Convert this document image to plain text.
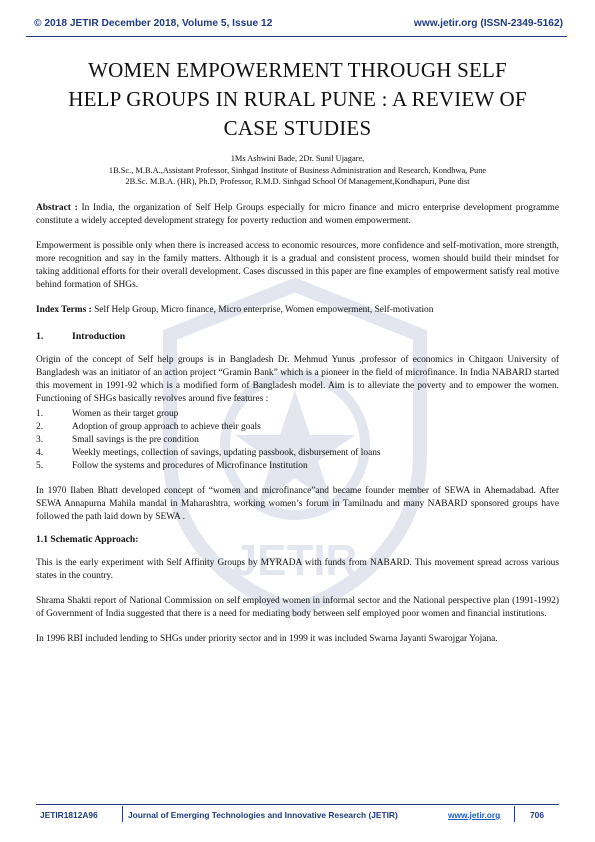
© 2018 JETIR December 2018, Volume 5, Issue 12	www.jetir.org (ISSN-2349-5162)
JETIR
WOMEN EMPOWERMENT THROUGH SELF
HELP GROUPS IN RURAL PUNE : A REVIEW OF
CASE STUDIES
1Ms Ashwini Bade, 2Dr. Sunil Ujagare,
1B.Sc., M.B.A.,Assistant Professor, Sinhgad Institute of Business Administration and Research, Kondhwa, Pune
2B.Sc. M.B.A. (HR), Ph.D, Professor, R.M.D. Sinhgad School Of Management,Kondhapuri, Pune dist

Abstract : In India, the organization of Self Help Groups especially for micro finance and micro enterprise development programme constitute a widely accepted development strategy for poverty reduction and women empowerment.

Empowerment is possible only when there is increased access to economic resources, more confidence and self-motivation, more strength, more recognition and say in the family matters. Although it is a gradual and consistent process, women should build their mindset for taking additional efforts for their overall development. Cases discussed in this paper are fine examples of empowerment satisfy real motive behind formation of SHGs.

Index Terms : Self Help Group, Micro finance, Micro enterprise, Women empowerment, Self-motivation

1.	Introduction

Origin of the concept of Self help groups is in Bangladesh Dr. Mehmud Yunus ,professor of economics in Chitgaon University of Bangladesh was an initiator of an action project “Gramin Bank” which is a pioneer in the field of microfinance. In India NABARD started this movement in 1991-92 which is a modified form of Bangladesh model. Aim is to alleviate the poverty and to empower the women. Functioning of SHGs basically revolves around five features :

1.	Women as their target group
2.	Adoption of group approach to achieve their goals
3.	Small savings is the pre condition
4.	Weekly meetings, collection of savings, updating passbook, disbursement of loans
5.	Follow the systems and procedures of Microfinance Institution

In 1970 Ilaben Bhatt developed concept of “women and microfinance”and became founder member of SEWA in Ahemadabad. After SEWA Annapurna Mahila mandal in Maharashtra, working women’s forum in Tamilnadu and many NABARD sponsored groups have followed the path laid down by SEWA .

1.1 Schematic Approach:

This is the early experiment with Self Affinity Groups by MYRADA with funds from NABARD. This movement spread across various states in the country.

Shrama Shakti report of National Commission on self employed women in informal sector and the National perspective plan (1991-1992) of Government of India suggested that there is a need for mediating body between self employed poor women and financial institutions.

In 1996 RBI included lending to SHGs under priority sector and in 1999 it was included Swarna Jayanti Swarojgar Yojana.

JETIR1812A96	Journal of Emerging Technologies and Innovative Research (JETIR)	www.jetir.org	706
